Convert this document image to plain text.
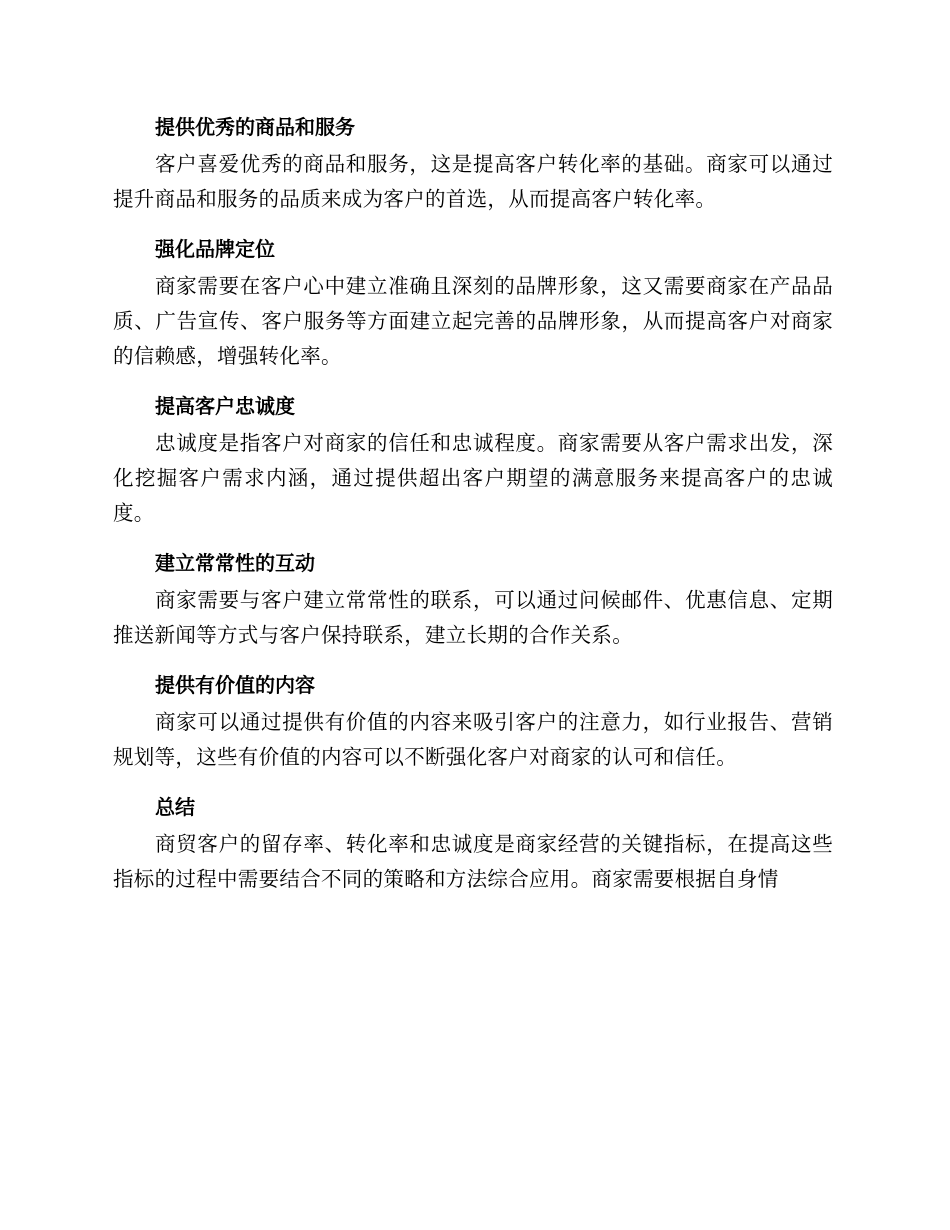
提供优秀的商品和服务

客户喜爱优秀的商品和服务，这是提高客户转化率的基础。商家可以通过提升商品和服务的品质来成为客户的首选，从而提高客户转化率。

强化品牌定位

商家需要在客户心中建立准确且深刻的品牌形象，这又需要商家在产品品质、广告宣传、客户服务等方面建立起完善的品牌形象，从而提高客户对商家的信赖感，增强转化率。

提高客户忠诚度

忠诚度是指客户对商家的信任和忠诚程度。商家需要从客户需求出发，深化挖掘客户需求内涵，通过提供超出客户期望的满意服务来提高客户的忠诚度。

建立常常性的互动

商家需要与客户建立常常性的联系，可以通过问候邮件、优惠信息、定期推送新闻等方式与客户保持联系，建立长期的合作关系。

提供有价值的内容

商家可以通过提供有价值的内容来吸引客户的注意力，如行业报告、营销规划等，这些有价值的内容可以不断强化客户对商家的认可和信任。

总结

商贸客户的留存率、转化率和忠诚度是商家经营的关键指标，在提高这些指标的过程中需要结合不同的策略和方法综合应用。商家需要根据自身情
